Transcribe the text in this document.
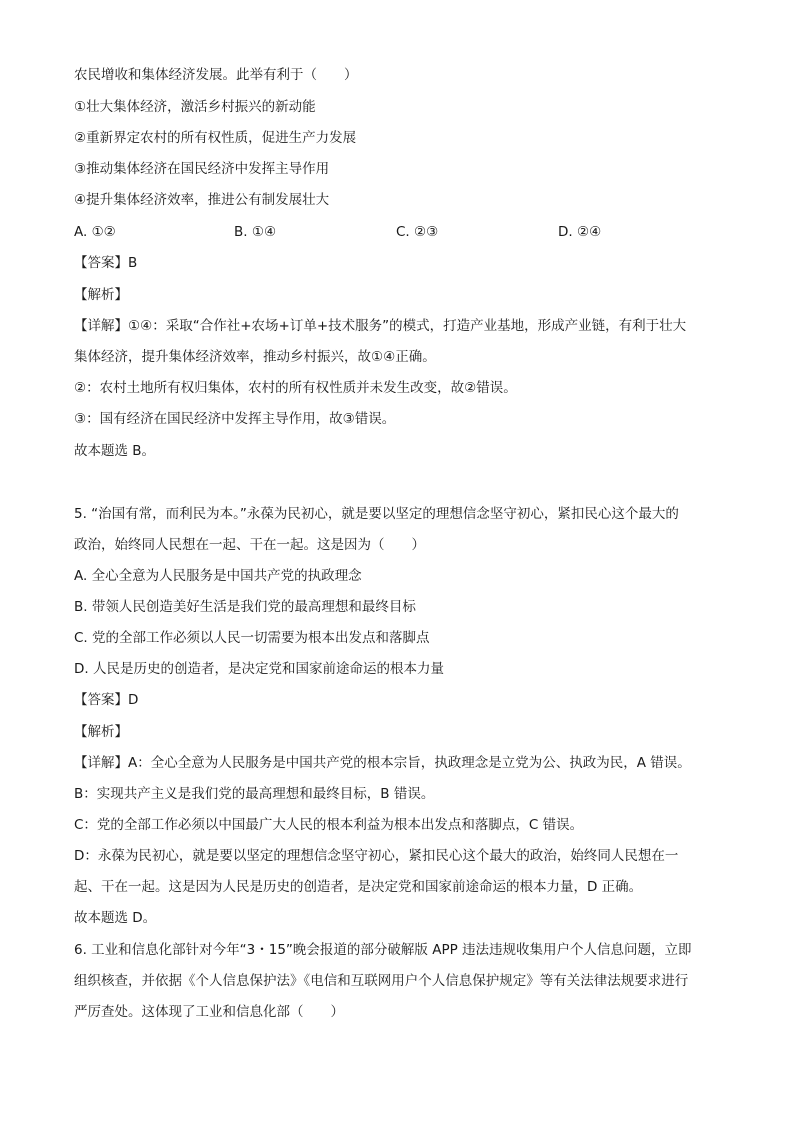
农民增收和集体经济发展。此举有利于（　　）
①壮大集体经济，激活乡村振兴的新动能
②重新界定农村的所有权性质，促进生产力发展
③推动集体经济在国民经济中发挥主导作用
④提升集体经济效率，推进公有制发展壮大
A. ①②	B. ①④	C. ②③	D. ②④
【答案】B
【解析】
【详解】①④：采取“合作社+农场+订单+技术服务”的模式，打造产业基地，形成产业链，有利于壮大
集体经济，提升集体经济效率，推动乡村振兴，故①④正确。
②：农村土地所有权归集体，农村的所有权性质并未发生改变，故②错误。
③：国有经济在国民经济中发挥主导作用，故③错误。
故本题选 B。
5. “治国有常，而利民为本。”永葆为民初心，就是要以坚定的理想信念坚守初心，紧扣民心这个最大的
政治，始终同人民想在一起、干在一起。这是因为（　　）
A. 全心全意为人民服务是中国共产党的执政理念
B. 带领人民创造美好生活是我们党的最高理想和最终目标
C. 党的全部工作必须以人民一切需要为根本出发点和落脚点
D. 人民是历史的创造者，是决定党和国家前途命运的根本力量
【答案】D
【解析】
【详解】A：全心全意为人民服务是中国共产党的根本宗旨，执政理念是立党为公、执政为民，A 错误。
B：实现共产主义是我们党的最高理想和最终目标，B 错误。
C：党的全部工作必须以中国最广大人民的根本利益为根本出发点和落脚点，C 错误。
D：永葆为民初心，就是要以坚定的理想信念坚守初心，紧扣民心这个最大的政治，始终同人民想在一
起、干在一起。这是因为人民是历史的创造者，是决定党和国家前途命运的根本力量，D 正确。
故本题选 D。
6. 工业和信息化部针对今年“3・15”晚会报道的部分破解版 APP 违法违规收集用户个人信息问题，立即
组织核查，并依据《个人信息保护法》《电信和互联网用户个人信息保护规定》等有关法律法规要求进行
严厉查处。这体现了工业和信息化部（　　）
